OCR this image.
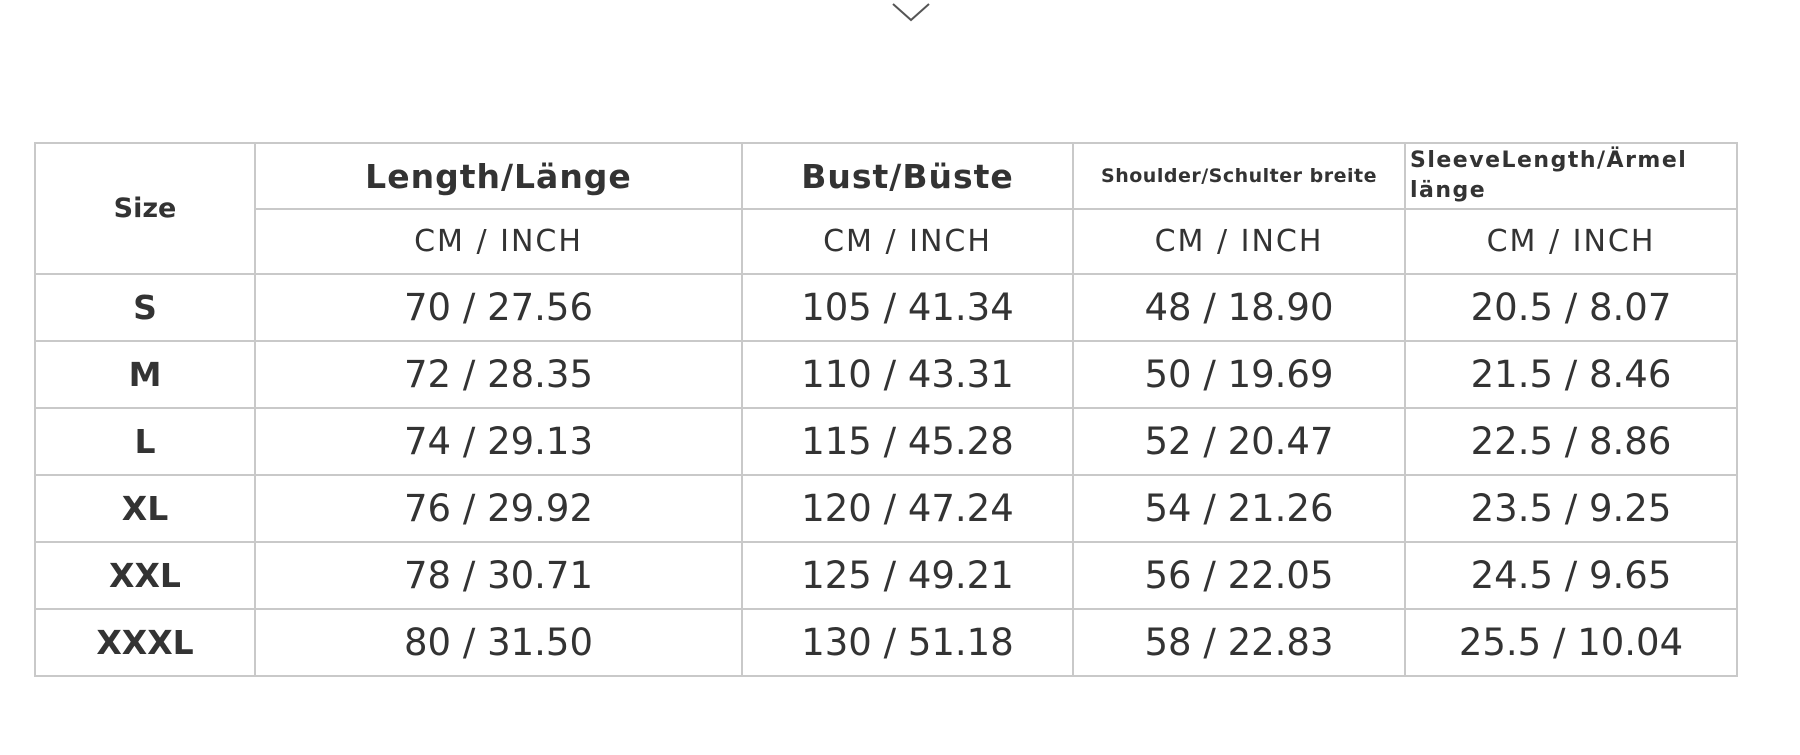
Size	Length/Länge	Bust/Büste	Shoulder/Schulter breite	SleeveLength/Ärmel länge
	CM / INCH	CM / INCH	CM / INCH	CM / INCH
S	70 / 27.56	105 / 41.34	48 / 18.90	20.5 / 8.07
M	72 / 28.35	110 / 43.31	50 / 19.69	21.5 / 8.46
L	74 / 29.13	115 / 45.28	52 / 20.47	22.5 / 8.86
XL	76 / 29.92	120 / 47.24	54 / 21.26	23.5 / 9.25
XXL	78 / 30.71	125 / 49.21	56 / 22.05	24.5 / 9.65
XXXL	80 / 31.50	130 / 51.18	58 / 22.83	25.5 / 10.04
